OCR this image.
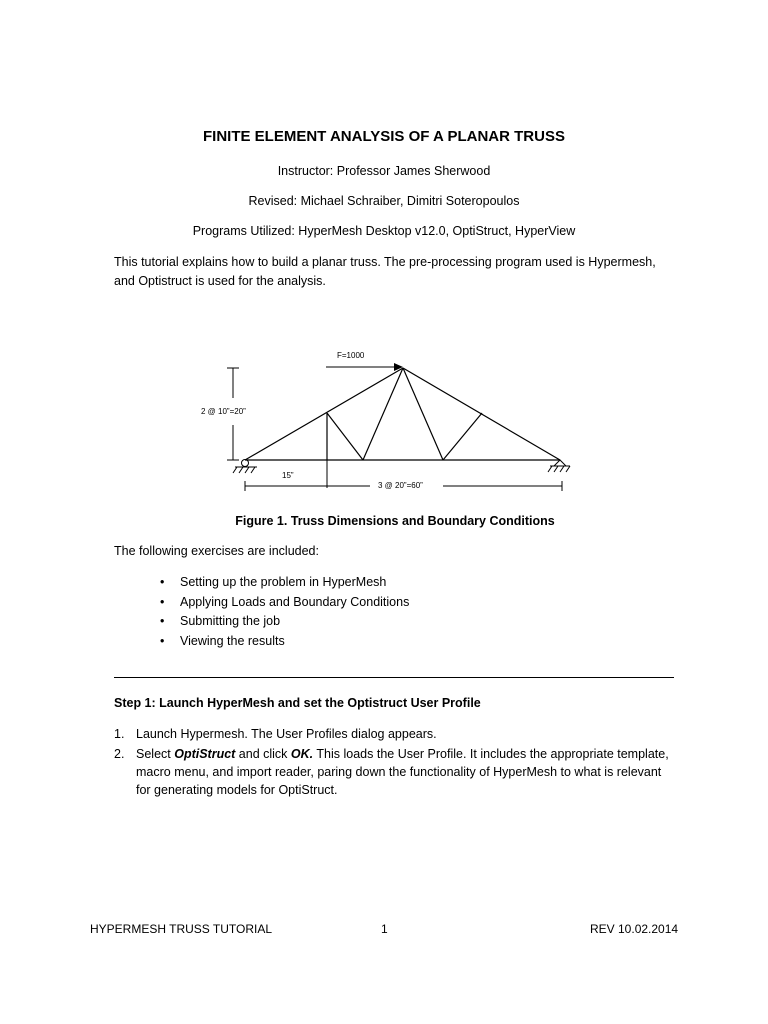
FINITE ELEMENT ANALYSIS OF A PLANAR TRUSS
Instructor: Professor James Sherwood
Revised: Michael Schraiber, Dimitri Soteropoulos
Programs Utilized: HyperMesh Desktop v12.0, OptiStruct, HyperView
This tutorial explains how to build a planar truss. The pre-processing program used is Hypermesh,
and Optistruct is used for the analysis.
F=1000
2 @ 10”=20”
15”
3 @ 20”=60”
Figure 1. Truss Dimensions and Boundary Conditions
The following exercises are included:
• Setting up the problem in HyperMesh
• Applying Loads and Boundary Conditions
• Submitting the job
• Viewing the results
Step 1: Launch HyperMesh and set the Optistruct User Profile
1. Launch Hypermesh. The User Profiles dialog appears.
2. Select OptiStruct and click OK. This loads the User Profile. It includes the appropriate template, macro menu, and import reader, paring down the functionality of HyperMesh to what is relevant for generating models for OptiStruct.
HYPERMESH TRUSS TUTORIAL	1	REV 10.02.2014
